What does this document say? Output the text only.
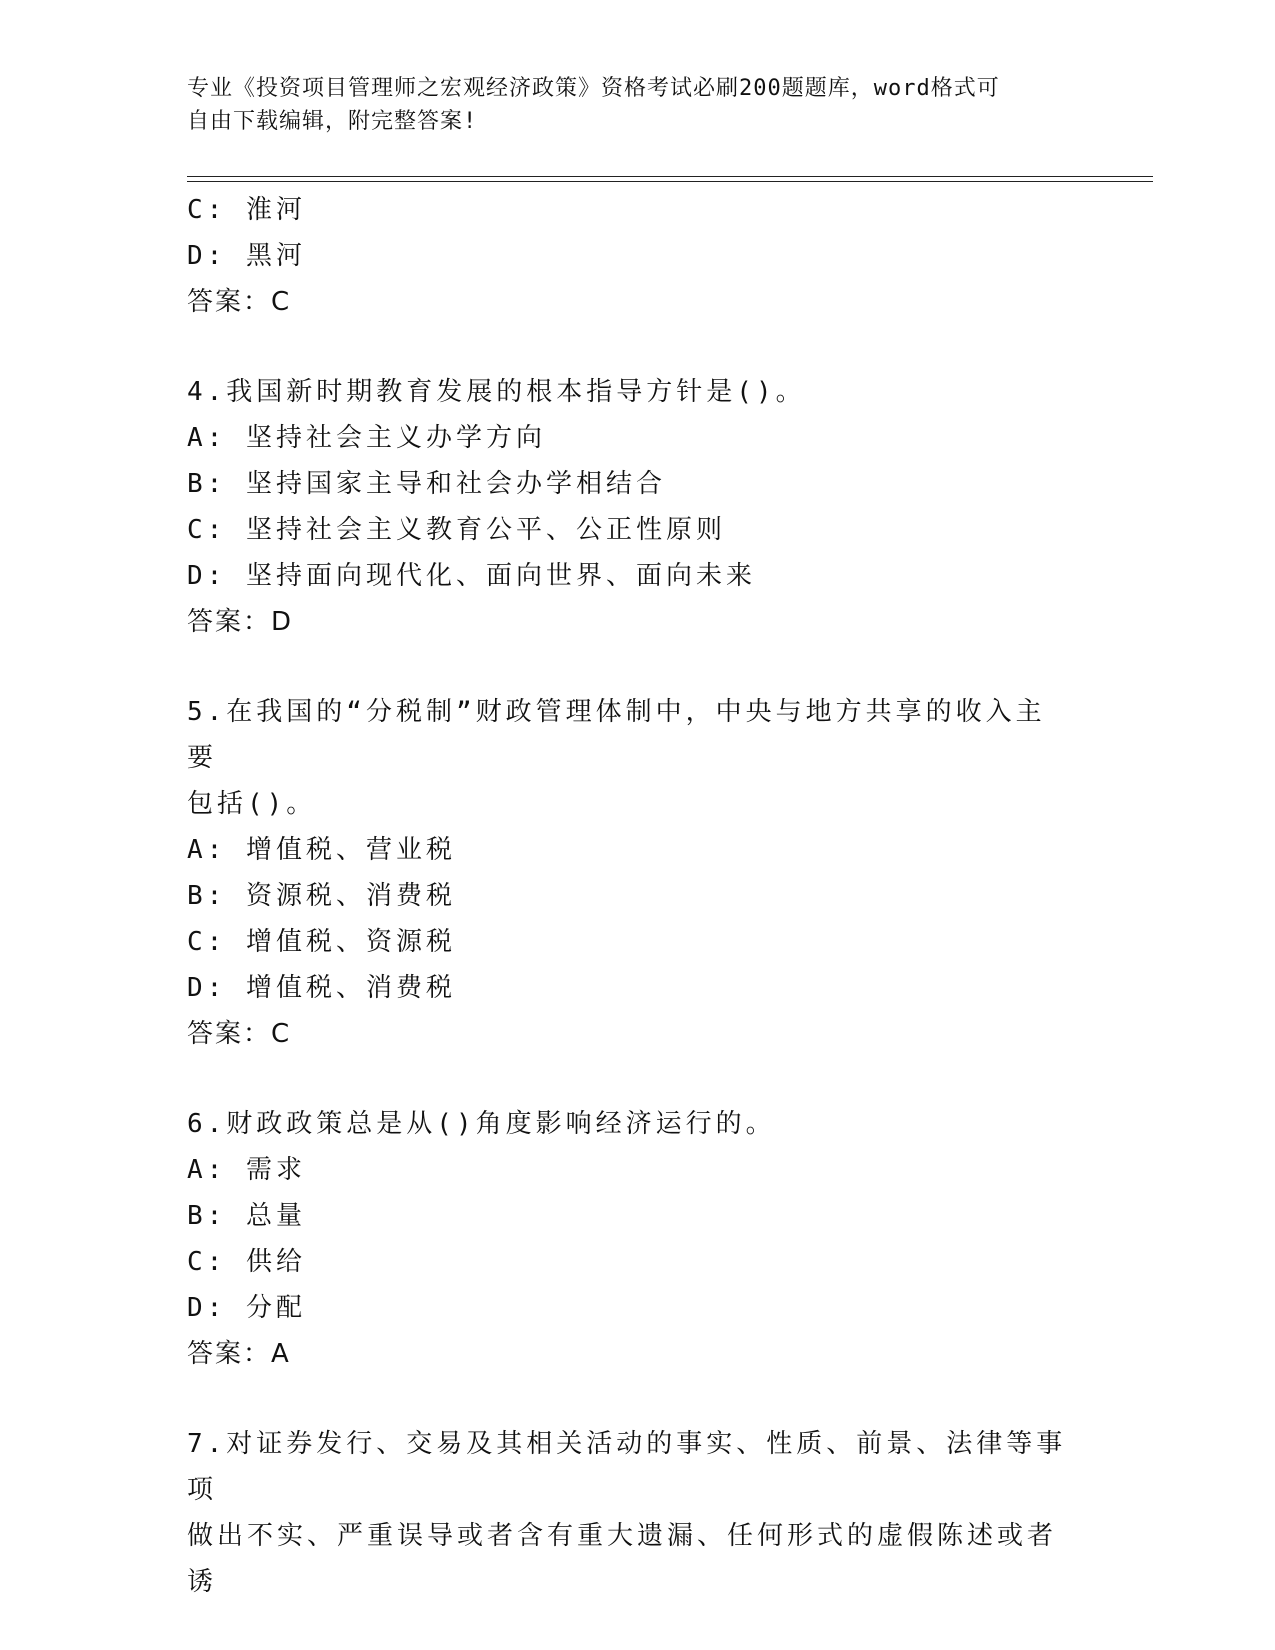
专业《投资项目管理师之宏观经济政策》资格考试必刷200题题库，word格式可
自由下载编辑，附完整答案!
C: 淮河
D: 黑河
答案：C
4.我国新时期教育发展的根本指导方针是()。
A: 坚持社会主义办学方向
B: 坚持国家主导和社会办学相结合
C: 坚持社会主义教育公平、公正性原则
D: 坚持面向现代化、面向世界、面向未来
答案：D
5.在我国的“分税制”财政管理体制中，中央与地方共享的收入主要
包括()。
A: 增值税、营业税
B: 资源税、消费税
C: 增值税、资源税
D: 增值税、消费税
答案：C
6.财政政策总是从()角度影响经济运行的。
A: 需求
B: 总量
C: 供给
D: 分配
答案：A
7.对证券发行、交易及其相关活动的事实、性质、前景、法律等事项
做出不实、严重误导或者含有重大遗漏、任何形式的虚假陈述或者诱
